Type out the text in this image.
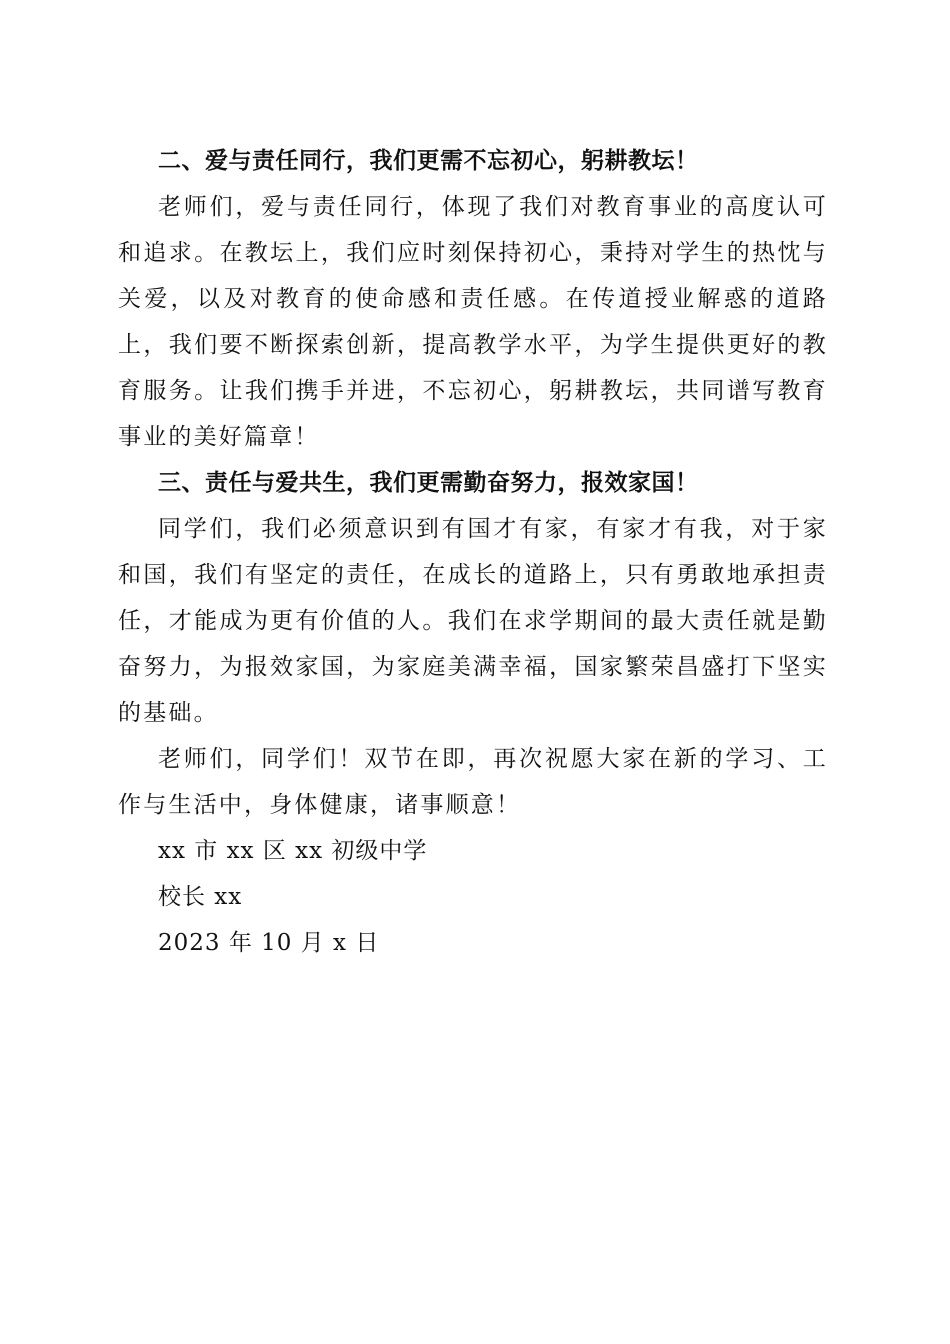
二、爱与责任同行，我们更需不忘初心，躬耕教坛！

老师们，爱与责任同行，体现了我们对教育事业的高度认可和追求。在教坛上，我们应时刻保持初心，秉持对学生的热忱与关爱，以及对教育的使命感和责任感。在传道授业解惑的道路上，我们要不断探索创新，提高教学水平，为学生提供更好的教育服务。让我们携手并进，不忘初心，躬耕教坛，共同谱写教育事业的美好篇章！

三、责任与爱共生，我们更需勤奋努力，报效家国！

同学们，我们必须意识到有国才有家，有家才有我，对于家和国，我们有坚定的责任，在成长的道路上，只有勇敢地承担责任，才能成为更有价值的人。我们在求学期间的最大责任就是勤奋努力，为报效家国，为家庭美满幸福，国家繁荣昌盛打下坚实的基础。

老师们，同学们！双节在即，再次祝愿大家在新的学习、工作与生活中，身体健康，诸事顺意！

xx 市 xx 区 xx 初级中学

校长 xx

2023 年 10 月 x 日
